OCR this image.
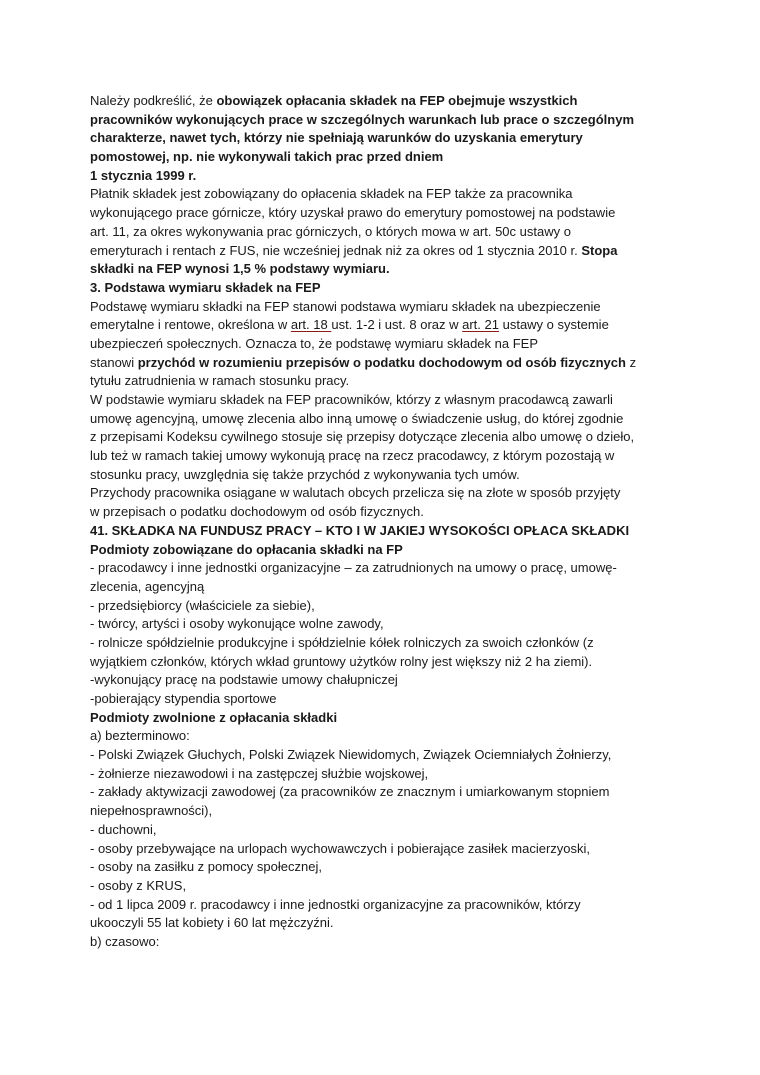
Należy podkreślić, że obowiązek opłacania składek na FEP obejmuje wszystkich
pracowników wykonujących prace w szczególnych warunkach lub prace o szczególnym
charakterze, nawet tych, którzy nie spełniają warunków do uzyskania emerytury
pomostowej, np. nie wykonywali takich prac przed dniem
1 stycznia 1999 r.
Płatnik składek jest zobowiązany do opłacenia składek na FEP także za pracownika
wykonującego prace górnicze, który uzyskał prawo do emerytury pomostowej na podstawie
art. 11, za okres wykonywania prac górniczych, o których mowa w art. 50c ustawy o
emeryturach i rentach z FUS, nie wcześniej jednak niż za okres od 1 stycznia 2010 r. Stopa
składki na FEP wynosi 1,5 % podstawy wymiaru.
3. Podstawa wymiaru składek na FEP
Podstawę wymiaru składki na FEP stanowi podstawa wymiaru składek na ubezpieczenie
emerytalne i rentowe, określona w art. 18 ust. 1-2 i ust. 8 oraz w art. 21 ustawy o systemie
ubezpieczeń społecznych. Oznacza to, że podstawę wymiaru składek na FEP
stanowi przychód w rozumieniu przepisów o podatku dochodowym od osób fizycznych z
tytułu zatrudnienia w ramach stosunku pracy.
W podstawie wymiaru składek na FEP pracowników, którzy z własnym pracodawcą zawarli
umowę agencyjną, umowę zlecenia albo inną umowę o świadczenie usług, do której zgodnie
z przepisami Kodeksu cywilnego stosuje się przepisy dotyczące zlecenia albo umowę o dzieło,
lub też w ramach takiej umowy wykonują pracę na rzecz pracodawcy, z którym pozostają w
stosunku pracy, uwzględnia się także przychód z wykonywania tych umów.
Przychody pracownika osiągane w walutach obcych przelicza się na złote w sposób przyjęty
w przepisach o podatku dochodowym od osób fizycznych.
41. SKŁADKA NA FUNDUSZ PRACY – KTO I W JAKIEJ WYSOKOŚCI OPŁACA SKŁADKI
Podmioty zobowiązane do opłacania składki na FP
- pracodawcy i inne jednostki organizacyjne – za zatrudnionych na umowy o pracę, umowę-
zlecenia, agencyjną
- przedsiębiorcy (właściciele za siebie),
- twórcy, artyści i osoby wykonujące wolne zawody,
- rolnicze spółdzielnie produkcyjne i spółdzielnie kółek rolniczych za swoich członków (z
wyjątkiem członków, których wkład gruntowy użytków rolny jest większy niż 2 ha ziemi).
-wykonujący pracę na podstawie umowy chałupniczej
-pobierający stypendia sportowe
Podmioty zwolnione z opłacania składki
a) bezterminowo:
- Polski Związek Głuchych, Polski Związek Niewidomych, Związek Ociemniałych Żołnierzy,
- żołnierze niezawodowi i na zastępczej służbie wojskowej,
- zakłady aktywizacji zawodowej (za pracowników ze znacznym i umiarkowanym stopniem
niepełnosprawności),
- duchowni,
- osoby przebywające na urlopach wychowawczych i pobierające zasiłek macierzyoski,
- osoby na zasiłku z pomocy społecznej,
- osoby z KRUS,
- od 1 lipca 2009 r. pracodawcy i inne jednostki organizacyjne za pracowników, którzy
ukooczyli 55 lat kobiety i 60 lat mężczyźni.
b) czasowo:
